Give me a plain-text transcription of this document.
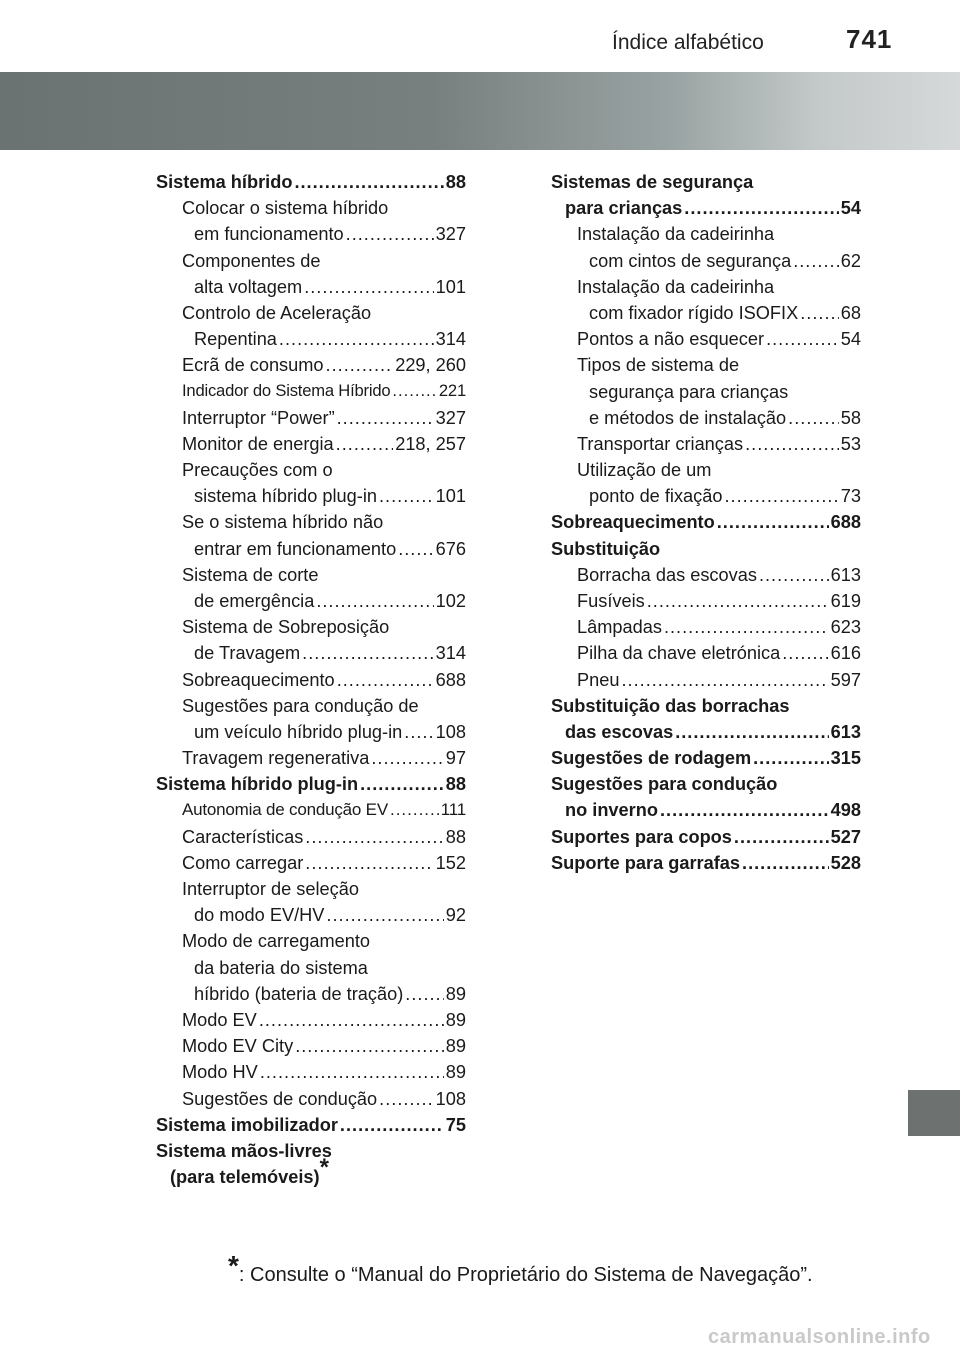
Índice alfabético	741
Sistema híbrido .....	88
Colocar o sistema híbrido
em funcionamento .....	327
Componentes de
alta voltagem .....	101
Controlo de Aceleração
Repentina .....	314
Ecrã de consumo .....	229, 260
Indicador do Sistema Híbrido .....	221
Interruptor “Power” .....	327
Monitor de energia .....	218, 257
Precauções com o
sistema híbrido plug-in .....	101
Se o sistema híbrido não
entrar em funcionamento ..... 676
Sistema de corte
de emergência .....	102
Sistema de Sobreposição
de Travagem .....	314
Sobreaquecimento .....	688
Sugestões para condução de
um veículo híbrido plug-in ..... 108
Travagem regenerativa .....	97
Sistema híbrido plug-in .....	88
Autonomia de condução EV .....	111
Características .....	88
Como carregar .....	152
Interruptor de seleção
do modo EV/HV .....	92
Modo de carregamento
da bateria do sistema
híbrido (bateria de tração) ..... 89
Modo EV .....	89
Modo EV City .....	89
Modo HV .....	89
Sugestões de condução .....	108
Sistema imobilizador .....	75
Sistema mãos-livres
(para telemóveis)*
Sistemas de segurança
para crianças .....	54
Instalação da cadeirinha
com cintos de segurança .....	62
Instalação da cadeirinha
com fixador rígido ISOFIX ..... 68
Pontos a não esquecer .....	54
Tipos de sistema de
segurança para crianças
e métodos de instalação .....	58
Transportar crianças .....	53
Utilização de um
ponto de fixação .....	73
Sobreaquecimento .....	688
Substituição
Borracha das escovas .....	613
Fusíveis .....	619
Lâmpadas .....	623
Pilha da chave eletrónica .....	616
Pneu .....	597
Substituição das borrachas
das escovas .....	613
Sugestões de rodagem .....	315
Sugestões para condução
no inverno .....	498
Suportes para copos .....	527
Suporte para garrafas .....	528
*: Consulte o “Manual do Proprietário do Sistema de Navegação”.
carmanualsonline.info
